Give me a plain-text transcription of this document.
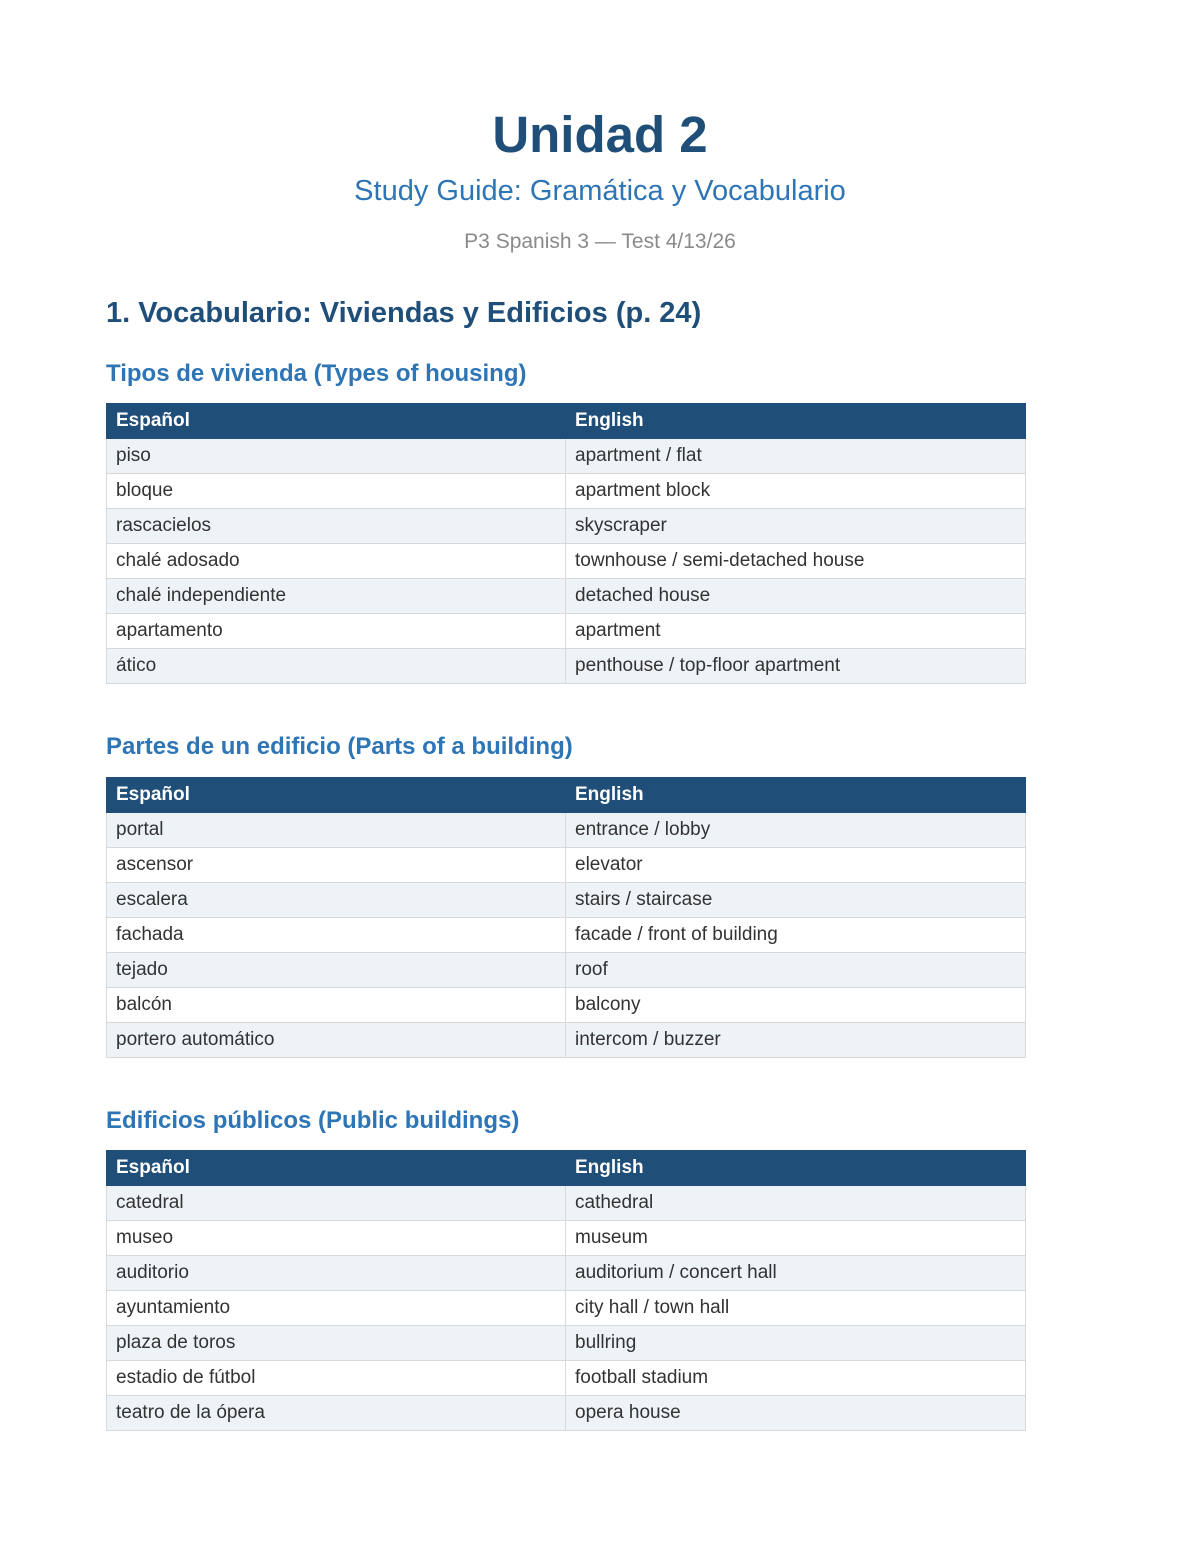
Unidad 2
Study Guide: Gramática y Vocabulario
P3 Spanish 3 — Test 4/13/26
1. Vocabulario: Viviendas y Edificios (p. 24)
Tipos de vivienda (Types of housing)
Español	English
piso	apartment / flat
bloque	apartment block
rascacielos	skyscraper
chalé adosado	townhouse / semi-detached house
chalé independiente	detached house
apartamento	apartment
ático	penthouse / top-floor apartment
Partes de un edificio (Parts of a building)
Español	English
portal	entrance / lobby
ascensor	elevator
escalera	stairs / staircase
fachada	facade / front of building
tejado	roof
balcón	balcony
portero automático	intercom / buzzer
Edificios públicos (Public buildings)
Español	English
catedral	cathedral
museo	museum
auditorio	auditorium / concert hall
ayuntamiento	city hall / town hall
plaza de toros	bullring
estadio de fútbol	football stadium
teatro de la ópera	opera house
